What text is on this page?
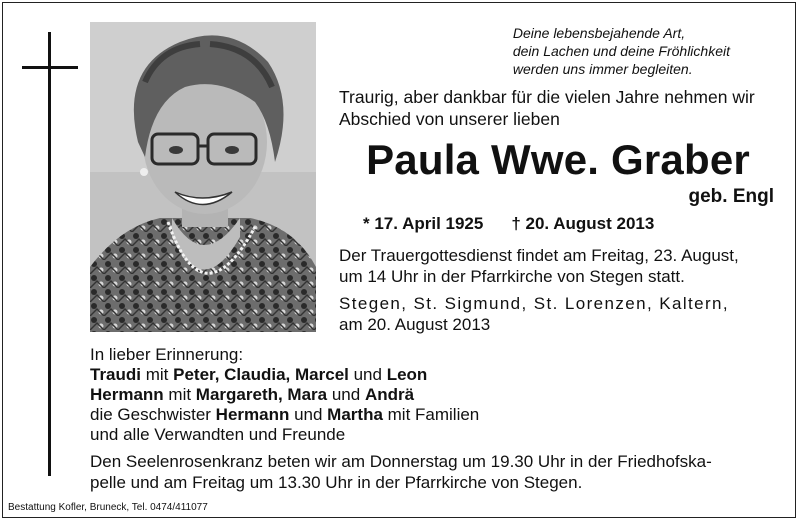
Deine lebensbejahende Art,
dein Lachen und deine Fröhlichkeit
werden uns immer begleiten.
Traurig, aber dankbar für die vielen Jahre nehmen wir
Abschied von unserer lieben
Paula Wwe. Graber
geb. Engl
* 17. April 1925 † 20. August 2013
Der Trauergottesdienst findet am Freitag, 23. August,
um 14 Uhr in der Pfarrkirche von Stegen statt.
Stegen, St. Sigmund, St. Lorenzen, Kaltern,
am 20. August 2013
In lieber Erinnerung:
Traudi mit Peter, Claudia, Marcel und Leon
Hermann mit Margareth, Mara und Andrä
die Geschwister Hermann und Martha mit Familien
und alle Verwandten und Freunde
Den Seelenrosenkranz beten wir am Donnerstag um 19.30 Uhr in der Friedhofska-
pelle und am Freitag um 13.30 Uhr in der Pfarrkirche von Stegen.
Bestattung Kofler, Bruneck, Tel. 0474/411077
